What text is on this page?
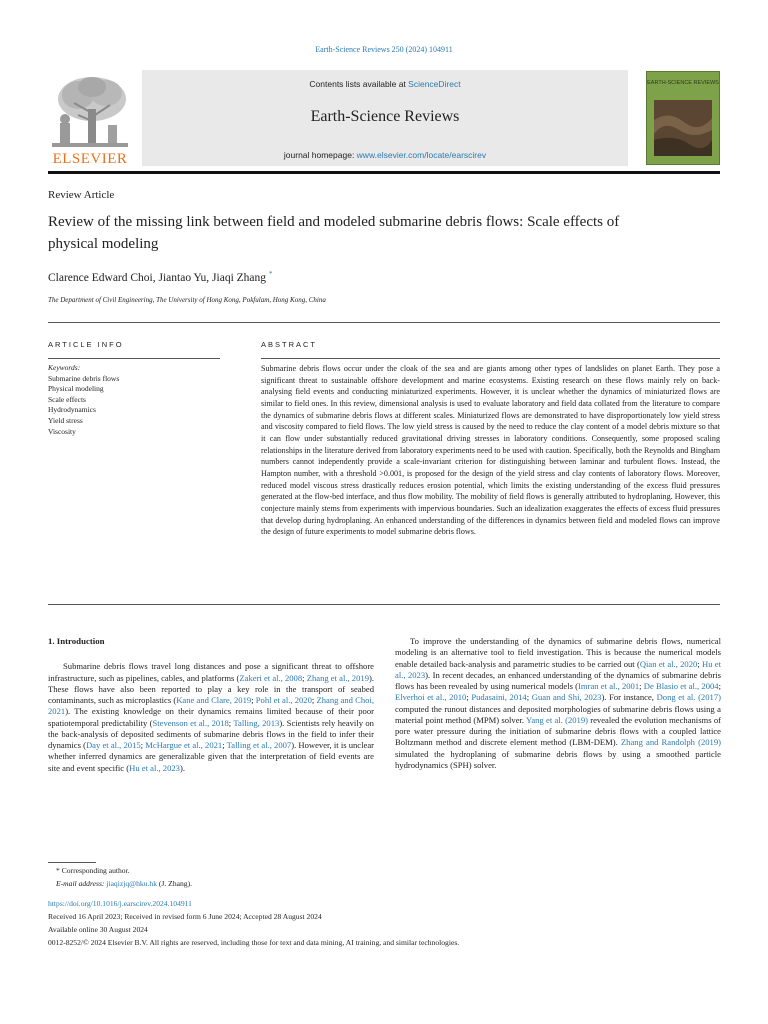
Earth-Science Reviews 250 (2024) 104911
ELSEVIER
Contents lists available at ScienceDirect
Earth-Science Reviews
journal homepage: www.elsevier.com/locate/earscirev
EARTH-SCIENCE REVIEWS
Review Article
Review of the missing link between field and modeled submarine debris flows: Scale effects of physical modeling
Clarence Edward Choi, Jiantao Yu, Jiaqi Zhang *
The Department of Civil Engineering, The University of Hong Kong, Pokfulam, Hong Kong, China
ARTICLE INFO
Keywords:
Submarine debris flows
Physical modeling
Scale effects
Hydrodynamics
Yield stress
Viscosity
ABSTRACT
Submarine debris flows occur under the cloak of the sea and are giants among other types of landslides on planet Earth. They pose a significant threat to sustainable offshore development and marine ecosystems. Existing research on these flows mainly rely on back-analysing field events and conducting miniaturized experiments. However, it is unclear whether the dynamics of miniaturized flows are similar to field ones. In this review, dimensional analysis is used to evaluate laboratory and field data collated from the literature to compare the dynamics of submarine debris flows at different scales. Miniaturized flows are demonstrated to have disproportionately low yield stress and viscosity compared to field flows. The low yield stress is caused by the need to reduce the clay content of a model debris mixture so that it can flow under substantially reduced gravitational driving stresses in laboratory conditions. Consequently, some proposed scaling relationships in the literature derived from laboratory experiments need to be used with caution. Specifically, both the Reynolds and Bingham numbers cannot independently provide a scale-invariant criterion for distinguishing between laminar and turbulent flows. Instead, the Hampton number, with a threshold >0.001, is proposed for the design of the yield stress and clay contents of laboratory flows. Moreover, reduced model viscous stress drastically reduces erosion potential, which limits the existing understanding of the excess fluid pressures generated at the flow-bed interface, and thus flow mobility. The mobility of field flows is generally attributed to hydroplaning. However, this conjecture mainly stems from experiments with impervious boundaries. Such an idealization exaggerates the effects of excess fluid pressures that develop during hydroplaning. An enhanced understanding of the differences in dynamics between field and modeled flows can improve the design of future experiments to model submarine debris flows.
1. Introduction

Submarine debris flows travel long distances and pose a significant threat to offshore infrastructure, such as pipelines, cables, and platforms (Zakeri et al., 2008; Zhang et al., 2019). These flows have also been reported to play a key role in the transport of seabed contaminants, such as microplastics (Kane and Clare, 2019; Pohl et al., 2020; Zhang and Choi, 2021). The existing knowledge on their dynamics remains limited because of their poor spatiotemporal predictability (Stevenson et al., 2018; Talling, 2013). Scientists rely heavily on the back-analysis of deposited sediments of submarine debris flows in the field to infer their dynamics (Day et al., 2015; McHargue et al., 2021; Talling et al., 2007). However, it is unclear whether inferred dynamics are generalizable given that the interpretation of field events are site and event specific (Hu et al., 2023).

To improve the understanding of the dynamics of submarine debris flows, numerical modeling is an alternative tool to field investigation. This is because the numerical models enable detailed back-analysis and parametric studies to be carried out (Qian et al., 2020; Hu et al., 2023). In recent decades, an enhanced understanding of the dynamics of submarine debris flows has been revealed by using numerical models (Imran et al., 2001; De Blasio et al., 2004; Elverhoi et al., 2010; Pudasaini, 2014; Guan and Shi, 2023). For instance, Dong et al. (2017) computed the runout distances and deposited morphologies of submarine debris flows using a material point method (MPM) solver. Yang et al. (2019) revealed the evolution mechanisms of pore water pressure during the initiation of submarine debris flows with a coupled lattice Boltzmann method and discrete element method (LBM-DEM). Zhang and Randolph (2019) simulated the hydroplaning of submarine debris flows by using a smoothed particle hydrodynamics (SPH) solver.

* Corresponding author.
E-mail address: jiaqizjq@hku.hk (J. Zhang).
https://doi.org/10.1016/j.earscirev.2024.104911
Received 16 April 2023; Received in revised form 6 June 2024; Accepted 28 August 2024
Available online 30 August 2024
0012-8252/© 2024 Elsevier B.V. All rights are reserved, including those for text and data mining, AI training, and similar technologies.
